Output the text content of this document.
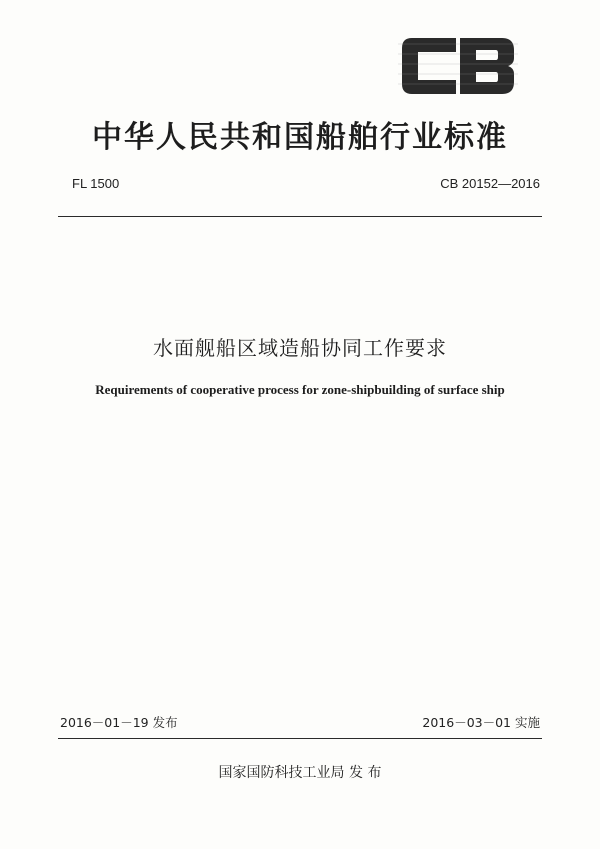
CB
中华人民共和国船舶行业标准
FL 1500	CB 20152—2016
水面舰船区域造船协同工作要求
Requirements of cooperative process for zone-shipbuilding of surface ship
2016－01－19 发布	2016－03－01 实施
国家国防科技工业局 发 布
